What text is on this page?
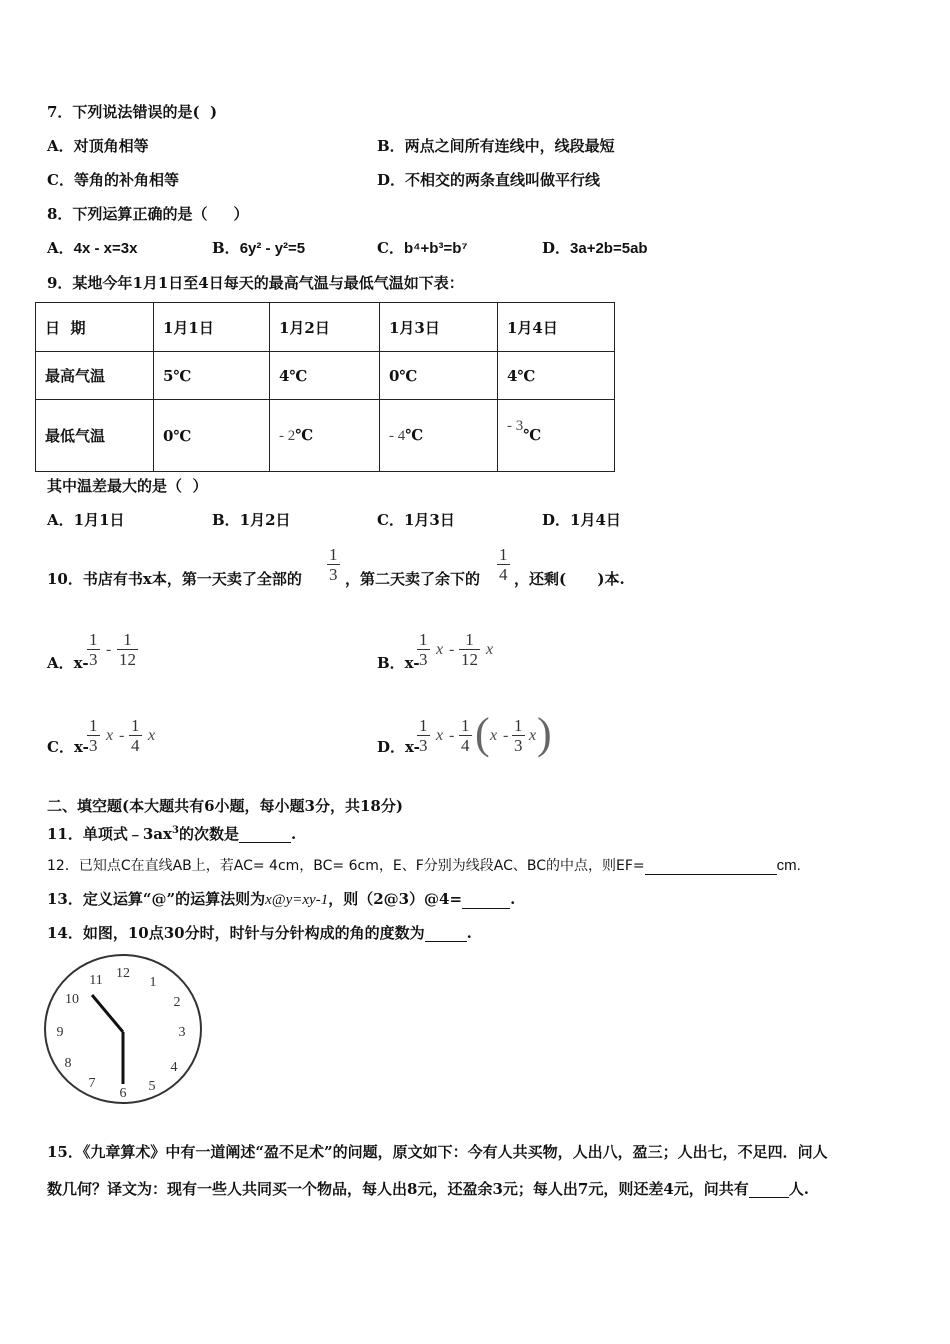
7．下列说法错误的是(  )
A．对顶角相等	B．两点之间所有连线中，线段最短
C．等角的补角相等	D．不相交的两条直线叫做平行线
8．下列运算正确的是（     ）
A．4x - x=3x	B．6y² - y²=5	C．b⁴+b³=b⁷	D．3a+2b=5ab
9．某地今年1月1日至4日每天的最高气温与最低气温如下表：
日  期	1月1日	1月2日	1月3日	1月4日
最高气温	5℃	4℃	0℃	4℃
最低气温	0℃	- 2℃	- 4℃	- 3℃
其中温差最大的是（  ）
A．1月1日	B．1月2日	C．1月3日	D．1月4日
10．书店有书x本，第一天卖了全部的 $\frac{1}{3}$ ，第二天卖了余下的 $\frac{1}{4}$ ，还剩(      )本.
A．x-
$\frac{1}{3} - \frac{1}{12}$	B．x-
$\frac{1}{3}$ x - $\frac{1}{12}$ x
C．x-
$\frac{1}{3}$ x - $\frac{1}{4}$ x
D．x-
$\frac{1}{3}$ x - $\frac{1}{4}$ ( x - $\frac{1}{3}$ x )
二、填空题(本大题共有6小题，每小题3分，共18分)
11．单项式$﹣3ax^3$的次数是	.
12．已知点C在直线AB上，若AC= 4cm，BC= 6cm，E、F分别为线段AC、BC的中点，则EF=	cm.
13．定义运算“@”的运算法则为x@y=xy-1，则（2@3）@4=	.
14．如图，10点30分时，时针与分针构成的角的度数为	.
12
1
2
3
4
5
6
7
8
9
10
11
15．《九章算术》中有一道阐述“盈不足术”的问题，原文如下：今有人共买物，人出八，盈三；人出七，不足四．问人
数几何？译文为：现有一些人共同买一个物品，每人出8元，还盈余3元；每人出7元，则还差4元，问共有	人.
